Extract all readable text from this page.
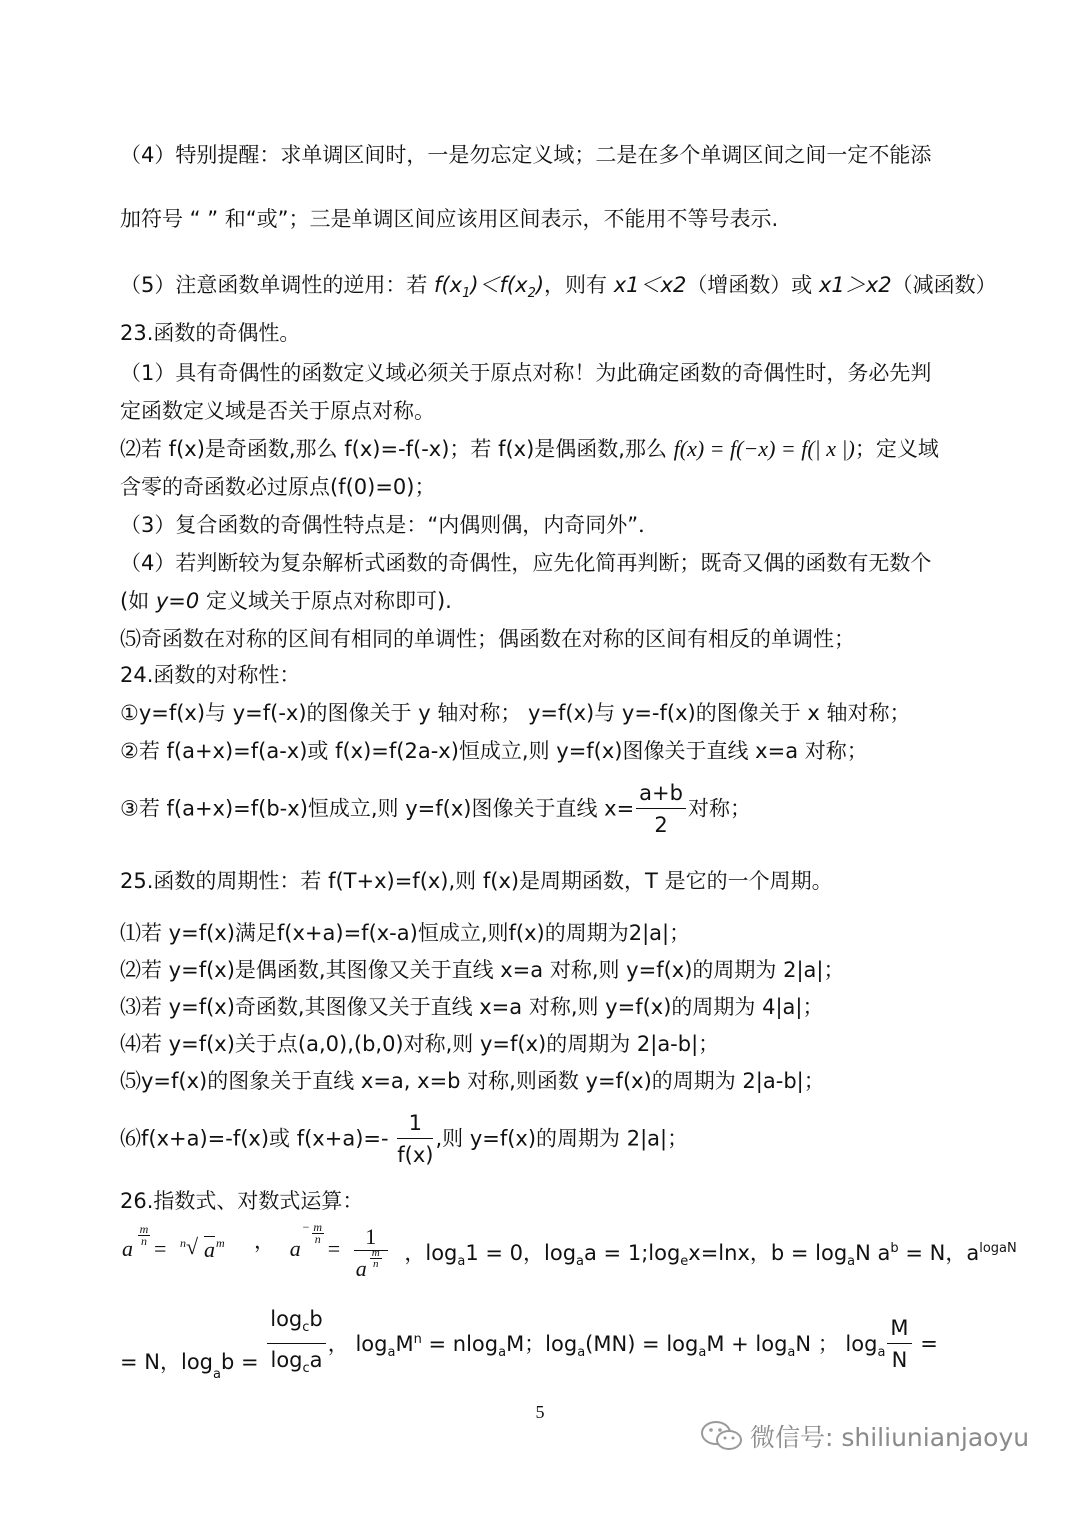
（4）特别提醒：求单调区间时，一是勿忘定义域；二是在多个单调区间之间一定不能添
加符号 “ ” 和“或”；三是单调区间应该用区间表示，不能用不等号表示.
（5）注意函数单调性的逆用：若 $f(x_1)<f(x_2)$，则有 x1＜x2（增函数）或 x1＞x2（减函数）
23.函数的奇偶性。
（1）具有奇偶性的函数定义域必须关于原点对称！为此确定函数的奇偶性时，务必先判
定函数定义域是否关于原点对称。
⑵若 f(x)是奇函数,那么 f(x)=-f(-x)；若 f(x)是偶函数,那么 f(x) = f(−x) = f(| x |)；定义域
含零的奇函数必过原点(f(0)=0)；
（3）复合函数的奇偶性特点是：“内偶则偶，内奇同外”．
（4）若判断较为复杂解析式函数的奇偶性，应先化简再判断；既奇又偶的函数有无数个
(如 y=0 定义域关于原点对称即可).
⑸奇函数在对称的区间有相同的单调性；偶函数在对称的区间有相反的单调性；
24.函数的对称性：
①y=f(x)与 y=f(-x)的图像关于 y 轴对称； y=f(x)与 y=-f(x)的图像关于 x 轴对称；
②若 f(a+x)=f(a-x)或 f(x)=f(2a-x)恒成立,则 y=f(x)图像关于直线 x=a 对称；
③若 f(a+x)=f(b-x)恒成立,则 y=f(x)图像关于直线 $x= \frac{a+b}{2}$ 对称；
25.函数的周期性：若 f(T+x)=f(x),则 f(x)是周期函数，T 是它的一个周期。
⑴若 y=f(x)满足f(x+a)=f(x-a)恒成立,则f(x)的周期为2|a|；
⑵若 y=f(x)是偶函数,其图像又关于直线 x=a 对称,则 y=f(x)的周期为 2|a|；
⑶若 y=f(x)奇函数,其图像又关于直线 x=a 对称,则 y=f(x)的周期为 4|a|；
⑷若 y=f(x)关于点(a,0),(b,0)对称,则 y=f(x)的周期为 2|a-b|；
⑸y=f(x)的图象关于直线 x=a, x=b 对称,则函数 y=f(x)的周期为 2|a-b|；
⑹f(x+a)=-f(x)或 $f(x+a)=- \frac{1}{f(x)}$ ,则 y=f(x)的周期为 2|a|；
26.指数式、对数式运算：
a
m
n = n √ a m ， a
− m
n =	1
a
m
n ，$\log_a1 = 0$，$\log_aa$ = $1;\log_ex=\ln x$，$b = \log_aN$ $a^b = N$，$a^{logaN}$
= N，$\log_ab = \frac{\log_cb}{\log_ca}$ ， $\log_aM^n = nlog_aM$；$\log_a(MN) = \log_aM + \log_aN$ ； $\log_a \frac{M}{N}$ =
5
微信号: shiliunianjaoyu
